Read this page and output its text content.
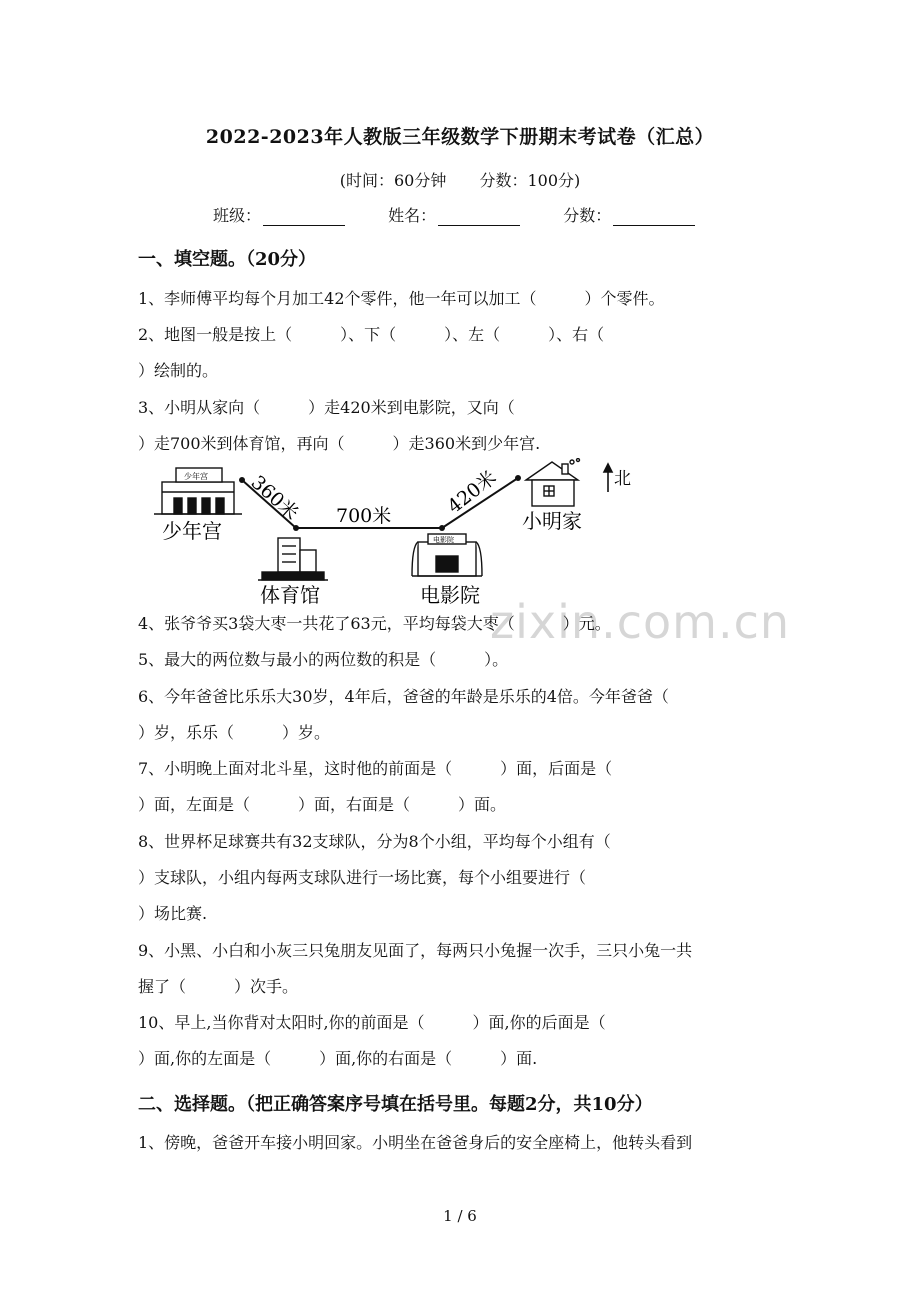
2022-2023年人教版三年级数学下册期末考试卷（汇总）
(时间：60分钟 分数：100分)
班级：	姓名：	分数：
一、填空题。（20分）
1、李师傅平均每个月加工42个零件，他一年可以加工（　　　）个零件。
2、地图一般是按上（　　　）、下（　　　）、左（　　　）、右（
）绘制的。
3、小明从家向（　　　）走420米到电影院，又向（
）走700米到体育馆，再向（　　　）走360米到少年宫.
360米 700米	420米
少年宫
少年宫
体育馆
电影院
电影院
小明家
北
zixin.com.cn
4、张爷爷买3袋大枣一共花了63元，平均每袋大枣（　　　）元。
5、最大的两位数与最小的两位数的积是（　　　）。
6、今年爸爸比乐乐大30岁，4年后，爸爸的年龄是乐乐的4倍。今年爸爸（
）岁，乐乐（　　　）岁。
7、小明晚上面对北斗星，这时他的前面是（　　　）面，后面是（
）面，左面是（　　　）面，右面是（　　　）面。
8、世界杯足球赛共有32支球队，分为8个小组，平均每个小组有（
）支球队，小组内每两支球队进行一场比赛，每个小组要进行（
）场比赛.
9、小黑、小白和小灰三只兔朋友见面了，每两只小兔握一次手，三只小兔一共
握了（　　　）次手。
10、早上,当你背对太阳时,你的前面是（　　　）面,你的后面是（
）面,你的左面是（　　　）面,你的右面是（　　　）面.
二、选择题。（把正确答案序号填在括号里。每题2分，共10分）
1、傍晚，爸爸开车接小明回家。小明坐在爸爸身后的安全座椅上，他转头看到
1 / 6
